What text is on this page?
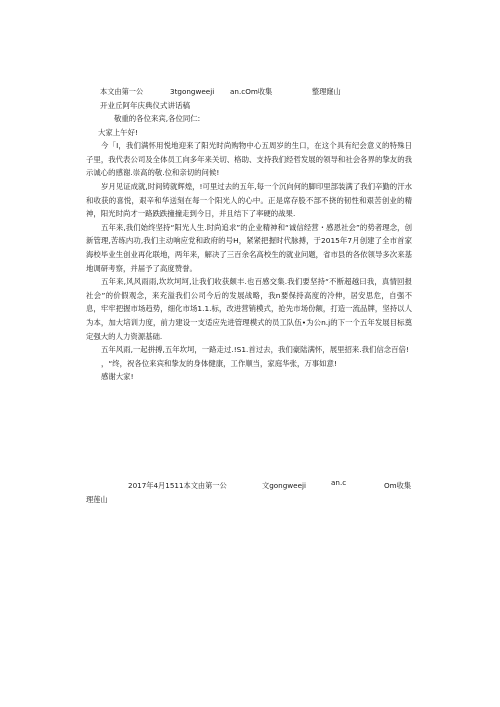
本文由第一公	3tgongweeji an.cOm收集	整理窿山
开业丘阿年庆典仪式讲话稿

敬重的各位来宾,各位同仁:

大家上午好!

今「I，我们满怀用悦地迎来了阳光时尚购物中心五周岁的生口，在这个具有纪会意义的特殊日子里，我代表公司及全体员工向多年来关切、格助、支持我们经哲发展的领导和社会各界的挚友的我示诚心的感谢.崇高的敬.位和亲切的问候!

岁月见证成就,时间铸就辉煌，!可里过去的五年,每一个沉向何的脚印里部装满了我们辛勤的汗水和收获的喜悦，艰辛和华送刻在每一个阳光人的心中。正是席存股不部不挠的韧性和艰苦创业的精神，阳光时尚才一路跌跌撞撞走到今日，并且结下了率硬的战果.

五年来,我们始终坚持“阳光人生.时尚追求”的企业精神和“诚信经营・感恩社会”的势者理念，创新管理,苦练内功,我们主动响应党和政府的号H，紧紧把握时代脉搏，于2015年7月创建了全市首家海校毕业生创业再化联地，两年来，解决了三百余名高校生的就业问题，省市县的各依领导多次来基地调研考察，并届予了高度赞誉。

五年来,风风雨雨,坎坎坷坷,让我们收获颇丰.也百感交集.我们要坚持“不断超越曰我，真情回报社会”的价假观念，来充溢我们公司今后的发展战略，我n要保持高度的冷伸，居安思危，自强不息，牢牢把握市场趋势，细化市场1.1.标，改进营销模式，抢先市场份额，打造一流品牌，坚持以人为本，加大培训力度，前力建设一支适应先进管理模式的员工队伍•为公n.j的下一个五年发展目标奠定强大的人力资源基础.

五年风雨,一起拼搏,五年坎坷，一路走过.!S1.首过去，我们豪陆满怀，展里招来.我们信念百倍!

，“终，祝各位来宾和挚友的身体健康，工作顺当，家庭华张，万事如意!

感谢大家!

2017年4月1511本文由第一公	文gongweeji	an.c	Om收集
理莲山
